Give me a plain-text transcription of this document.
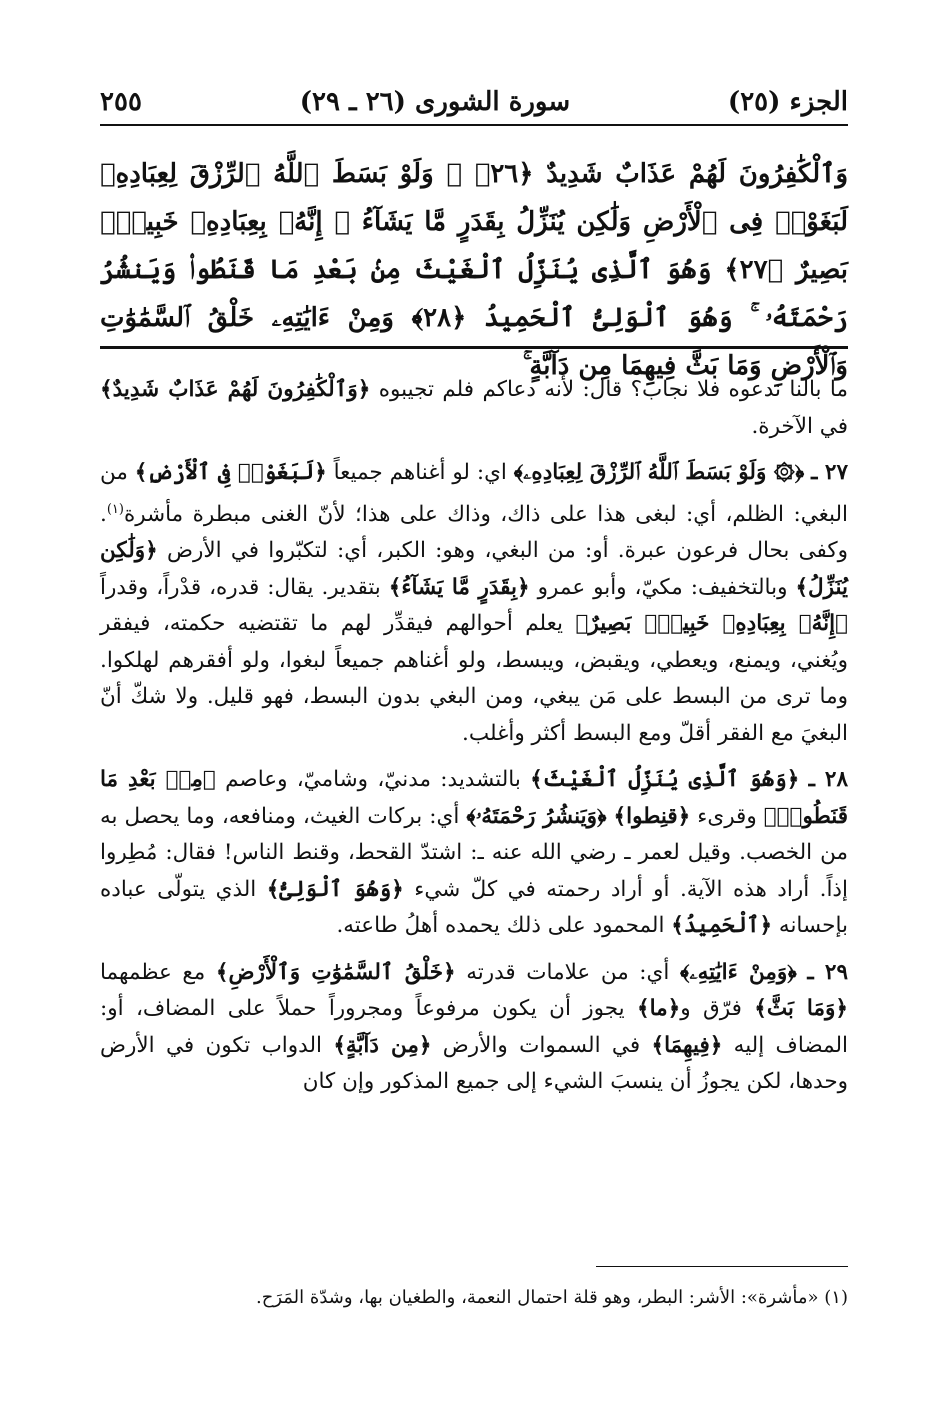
الجزء (٢٥)
سورة الشورى (٢٦ ـ ٢٩)
٢٥٥
وَٱلْكَٰفِرُونَ لَهُمْ عَذَابٌ شَدِيدٌ ﴿٢٦﴾ ۞ وَلَوْ بَسَطَ ٱللَّهُ ٱلرِّزْقَ لِعِبَادِهِۦ لَبَغَوْا۟ فِى ٱلْأَرْضِ وَلَٰكِن يُنَزِّلُ بِقَدَرٍ مَّا يَشَآءُ ۚ إِنَّهُۥ بِعِبَادِهِۦ خَبِيرٌۢ بَصِيرٌ ﴿٢٧﴾ وَهُوَ ٱلَّذِى يُنَزِّلُ ٱلْغَيْثَ مِنۢ بَعْدِ مَا قَنَطُوا۟ وَيَنشُرُ رَحْمَتَهُۥ ۚ وَهُوَ ٱلْوَلِىُّ ٱلْحَمِيدُ ﴿٢٨﴾ وَمِنْ ءَايَٰتِهِۦ خَلْقُ ٱلسَّمَٰوَٰتِ وَٱلْأَرْضِ وَمَا بَثَّ فِيهِمَا مِن دَآبَّةٍ ۚ

ما بالنا ندعوه فلا نجاب؟ قال: لأنه دعاكم فلم تجيبوه ﴿وَٱلْكَٰفِرُونَ لَهُمْ عَذَابٌ شَدِيدٌ﴾ في الآخرة.

٢٧ ـ ﴿۞ وَلَوْ بَسَطَ ٱللَّهُ ٱلرِّزْقَ لِعِبَادِهِۦ﴾ اي: لو أغناهم جميعاً ﴿لَبَغَوْا۟ فِى ٱلْأَرْضِ﴾ من البغي: الظلم، أي: لبغى هذا على ذاك، وذاك على هذا؛ لأنّ الغنى مبطرة مأشرة$^{(١)}$. وكفى بحال فرعون عبرة. أو: من البغي، وهو: الكبر، أي: لتكبّروا في الأرض ﴿وَلَٰكِن يُنَزِّلُ﴾ وبالتخفيف: مكيّ، وأبو عمرو ﴿بِقَدَرٍ مَّا يَشَآءُ﴾ بتقدير. يقال: قدره، قدْراً، وقدراً ﴿إِنَّهُۥ بِعِبَادِهِۦ خَبِيرٌۢ بَصِيرٌ﴾ يعلم أحوالهم فيقدِّر لهم ما تقتضيه حكمته، فيفقر ويُغني، ويمنع، ويعطي، ويقبض، ويبسط، ولو أغناهم جميعاً لبغوا، ولو أفقرهم لهلكوا. وما ترى من البسط على مَن يبغي، ومن البغي بدون البسط، فهو قليل. ولا شكّ أنّ البغيَ مع الفقر أقلّ ومع البسط أكثر وأغلب.

٢٨ ـ ﴿وَهُوَ ٱلَّذِى يُنَزِّلُ ٱلْغَيْثَ﴾ بالتشديد: مدنيّ، وشاميّ، وعاصم ﴿مِنۢ بَعْدِ مَا قَنَطُوا۟﴾ وقرىء ﴿قنِطوا﴾ ﴿وَيَنشُرُ رَحْمَتَهُۥ﴾ أي: بركات الغيث، ومنافعه، وما يحصل به من الخصب. وقيل لعمر ـ رضي الله عنه ـ: اشتدّ القحط، وقنط الناس! فقال: مُطِروا إذاً. أراد هذه الآية. أو أراد رحمته في كلّ شيء ﴿وَهُوَ ٱلْوَلِىُّ﴾ الذي يتولّى عباده بإحسانه ﴿ٱلْحَمِيدُ﴾ المحمود على ذلك يحمده أهلُ طاعته.

٢٩ ـ ﴿وَمِنْ ءَايَٰتِهِۦ﴾ أي: من علامات قدرته ﴿خَلْقُ ٱلسَّمَٰوَٰتِ وَٱلْأَرْضِ﴾ مع عظمهما ﴿وَمَا بَثَّ﴾ فرّق و﴿ما﴾ يجوز أن يكون مرفوعاً ومجروراً حملاً على المضاف، أو: المضاف إليه ﴿فِيهِمَا﴾ في السموات والأرض ﴿مِن دَآبَّةٍ﴾ الدواب تكون في الأرض وحدها، لكن يجوزُ أن ينسبَ الشيء إلى جميع المذكور وإن كان

(١) «مأشرة»: الأشر: البطر، وهو قلة احتمال النعمة، والطغيان بها، وشدّة المَرَح.
